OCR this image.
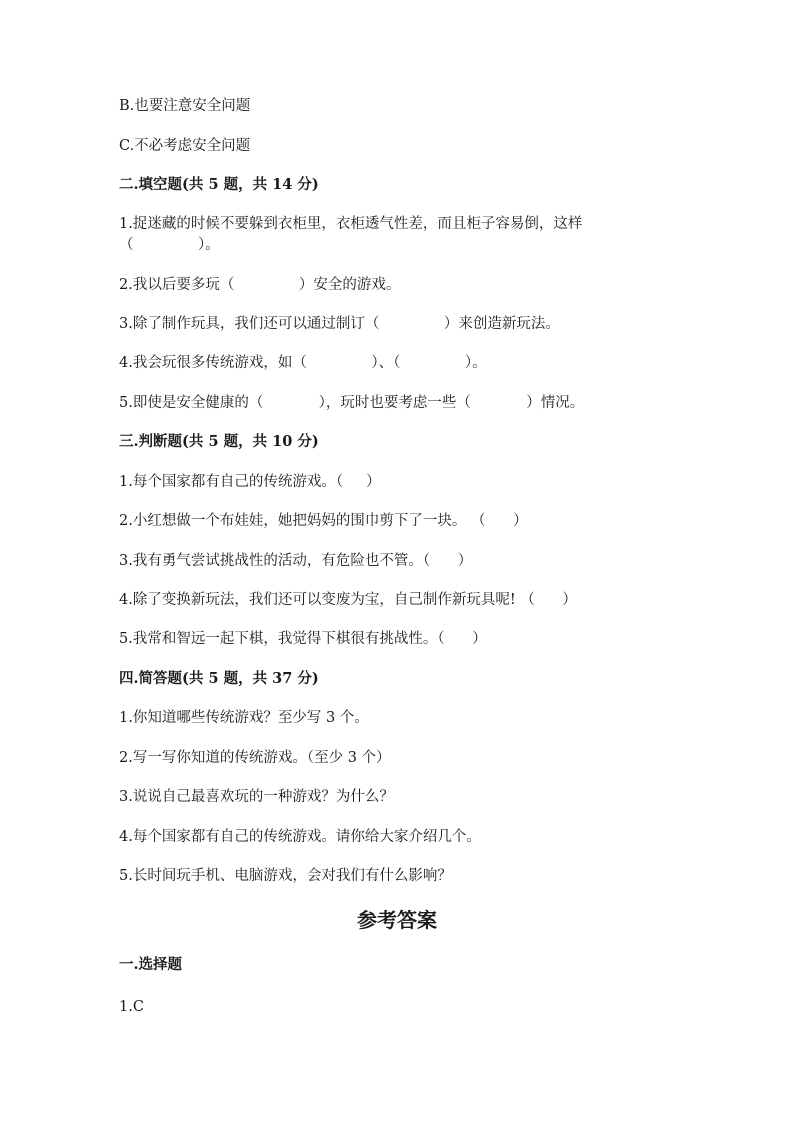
B.也要注意安全问题
C.不必考虑安全问题
二.填空题(共 5 题，共 14 分)
1.捉迷藏的时候不要躲到衣柜里，衣柜透气性差，而且柜子容易倒，这样
（              ）。
2.我以后要多玩（              ）安全的游戏。
3.除了制作玩具，我们还可以通过制订（              ）来创造新玩法。
4.我会玩很多传统游戏，如（              ）、（              ）。
5.即使是安全健康的（            ），玩时也要考虑一些（            ）情况。
三.判断题(共 5 题，共 10 分)
1.每个国家都有自己的传统游戏。（     ）
2.小红想做一个布娃娃，她把妈妈的围巾剪下了一块。 （      ）
3.我有勇气尝试挑战性的活动，有危险也不管。（      ）
4.除了变换新玩法，我们还可以变废为宝，自己制作新玩具呢! （      ）
5.我常和智远一起下棋，我觉得下棋很有挑战性。（      ）
四.简答题(共 5 题，共 37 分)
1.你知道哪些传统游戏？至少写 3 个。
2.写一写你知道的传统游戏。（至少 3 个）
3.说说自己最喜欢玩的一种游戏？为什么？
4.每个国家都有自己的传统游戏。请你给大家介绍几个。
5.长时间玩手机、电脑游戏，会对我们有什么影响？
参考答案
一.选择题
1.C
